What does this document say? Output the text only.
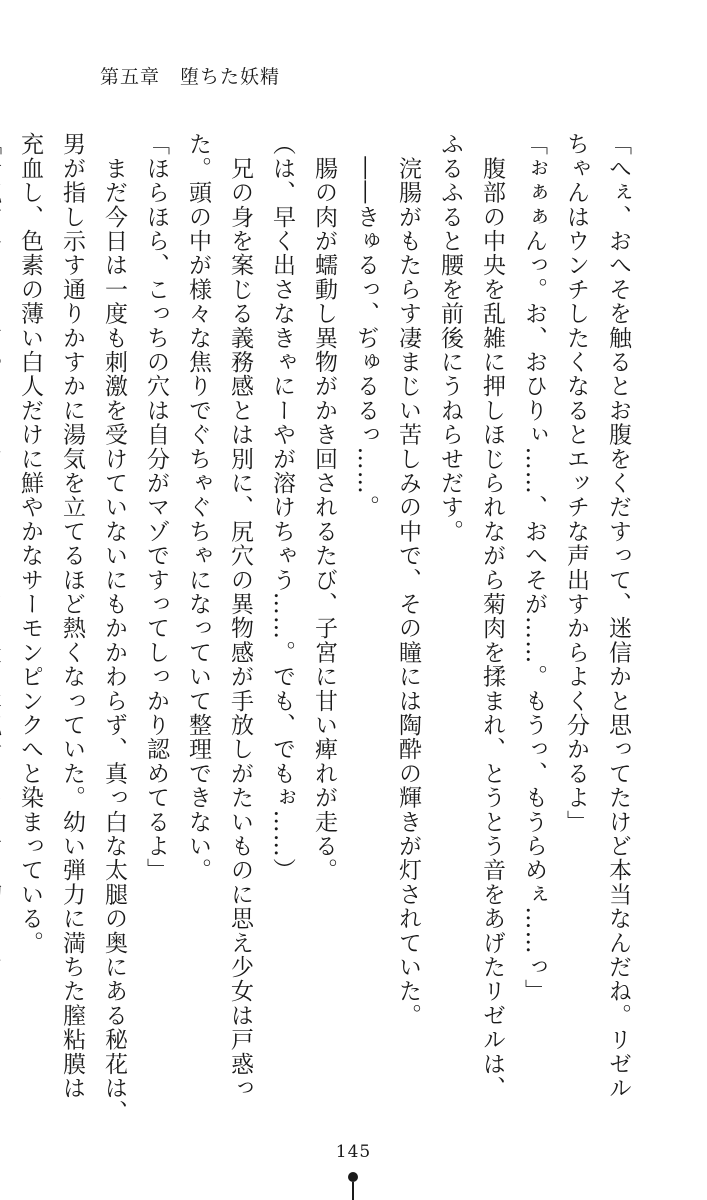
第五章　堕ちた妖精
「へぇ、おへそを触るとお腹をくだすって、迷信かと思ってたけど本当なんだね。リゼル
ちゃんはウンチしたくなるとエッチな声出すからよく分かるよ」
「ぉぁぁんっ。お、おひりぃ……、おへそが……。もうっ、もうらめぇ……っ」
　腹部の中央を乱雑に押しほじられながら菊肉を揉まれ、とうとう音をあげたリゼルは、
ふるふると腰を前後にうねらせだす。
　浣腸がもたらす凄まじい苦しみの中で、その瞳には陶酔の輝きが灯されていた。
　――きゅるっ、ぢゅるるっ……。
　腸の肉が蠕動し異物がかき回されるたび、子宮に甘い痺れが走る。
（は、早く出さなきゃにーやが溶けちゃう……。でも、でもぉ……）
　兄の身を案じる義務感とは別に、尻穴の異物感が手放しがたいものに思え少女は戸惑っ
た。頭の中が様々な焦りでぐちゃぐちゃになっていて整理できない。
「ほらほら、こっちの穴は自分がマゾですってしっかり認めてるよ」
　まだ今日は一度も刺激を受けていないにもかかわらず、真っ白な太腿の奥にある秘花は、
男が指し示す通りかすかに湯気を立てるほど熱くなっていた。幼い弾力に満ちた膣粘膜は
充血し、色素の薄い白人だけに鮮やかなサーモンピンクへと染まっている。
145
